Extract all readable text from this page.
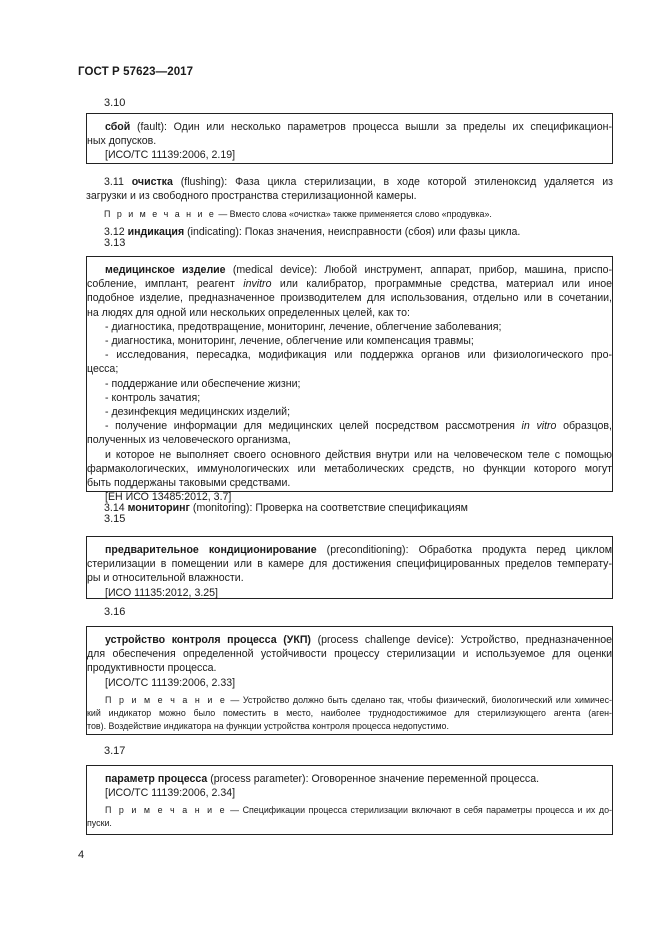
ГОСТ Р 57623—2017
3.10
сбой (fault): Один или несколько параметров процесса вышли за пределы их спецификацион-
ных допусков.
[ИСО/ТС 11139:2006, 2.19]
3.11 очистка (flushing): Фаза цикла стерилизации, в ходе которой этиленоксид удаляется из
загрузки и из свободного пространства стерилизационной камеры.
П р и м е ч а н и е — Вместо слова «очистка» также применяется слово «продувка».
3.12 индикация (indicating): Показ значения, неисправности (сбоя) или фазы цикла.
3.13
медицинское изделие (medical device): Любой инструмент, аппарат, прибор, машина, приспо-
собление, имплант, реагент invitro или калибратор, программные средства, материал или иное
подобное изделие, предназначенное производителем для использования, отдельно или в сочетании,
на людях для одной или нескольких определенных целей, как то:
- диагностика, предотвращение, мониторинг, лечение, облегчение заболевания;
- диагностика, мониторинг, лечение, облегчение или компенсация травмы;
- исследования, пересадка, модификация или поддержка органов или физиологического про-
цесса;
- поддержание или обеспечение жизни;
- контроль зачатия;
- дезинфекция медицинских изделий;
- получение информации для медицинских целей посредством рассмотрения in vitro образцов,
полученных из человеческого организма,
и которое не выполняет своего основного действия внутри или на человеческом теле с помощью
фармакологических, иммунологических или метаболических средств, но функции которого могут
быть поддержаны таковыми средствами.
[ЕН ИСО 13485:2012, 3.7]
3.14 мониторинг (monitoring): Проверка на соответствие спецификациям
3.15
предварительное кондиционирование (preconditioning): Обработка продукта перед циклом
стерилизации в помещении или в камере для достижения специфицированных пределов температу-
ры и относительной влажности.
[ИСО 11135:2012, 3.25]
3.16
устройство контроля процесса (УКП) (process challenge device): Устройство, предназначенное
для обеспечения определенной устойчивости процессу стерилизации и используемое для оценки
продуктивности процесса.
[ИСО/ТС 11139:2006, 2.33]
П р и м е ч а н и е — Устройство должно быть сделано так, чтобы физический, биологический или химичес-
кий индикатор можно было поместить в место, наиболее труднодостижимое для стерилизующего агента (аген-
тов). Воздействие индикатора на функции устройства контроля процесса недопустимо.
3.17
параметр процесса (process parameter): Оговоренное значение переменной процесса.
[ИСО/ТС 11139:2006, 2.34]
П р и м е ч а н и е — Спецификации процесса стерилизации включают в себя параметры процесса и их до-
пуски.
4
